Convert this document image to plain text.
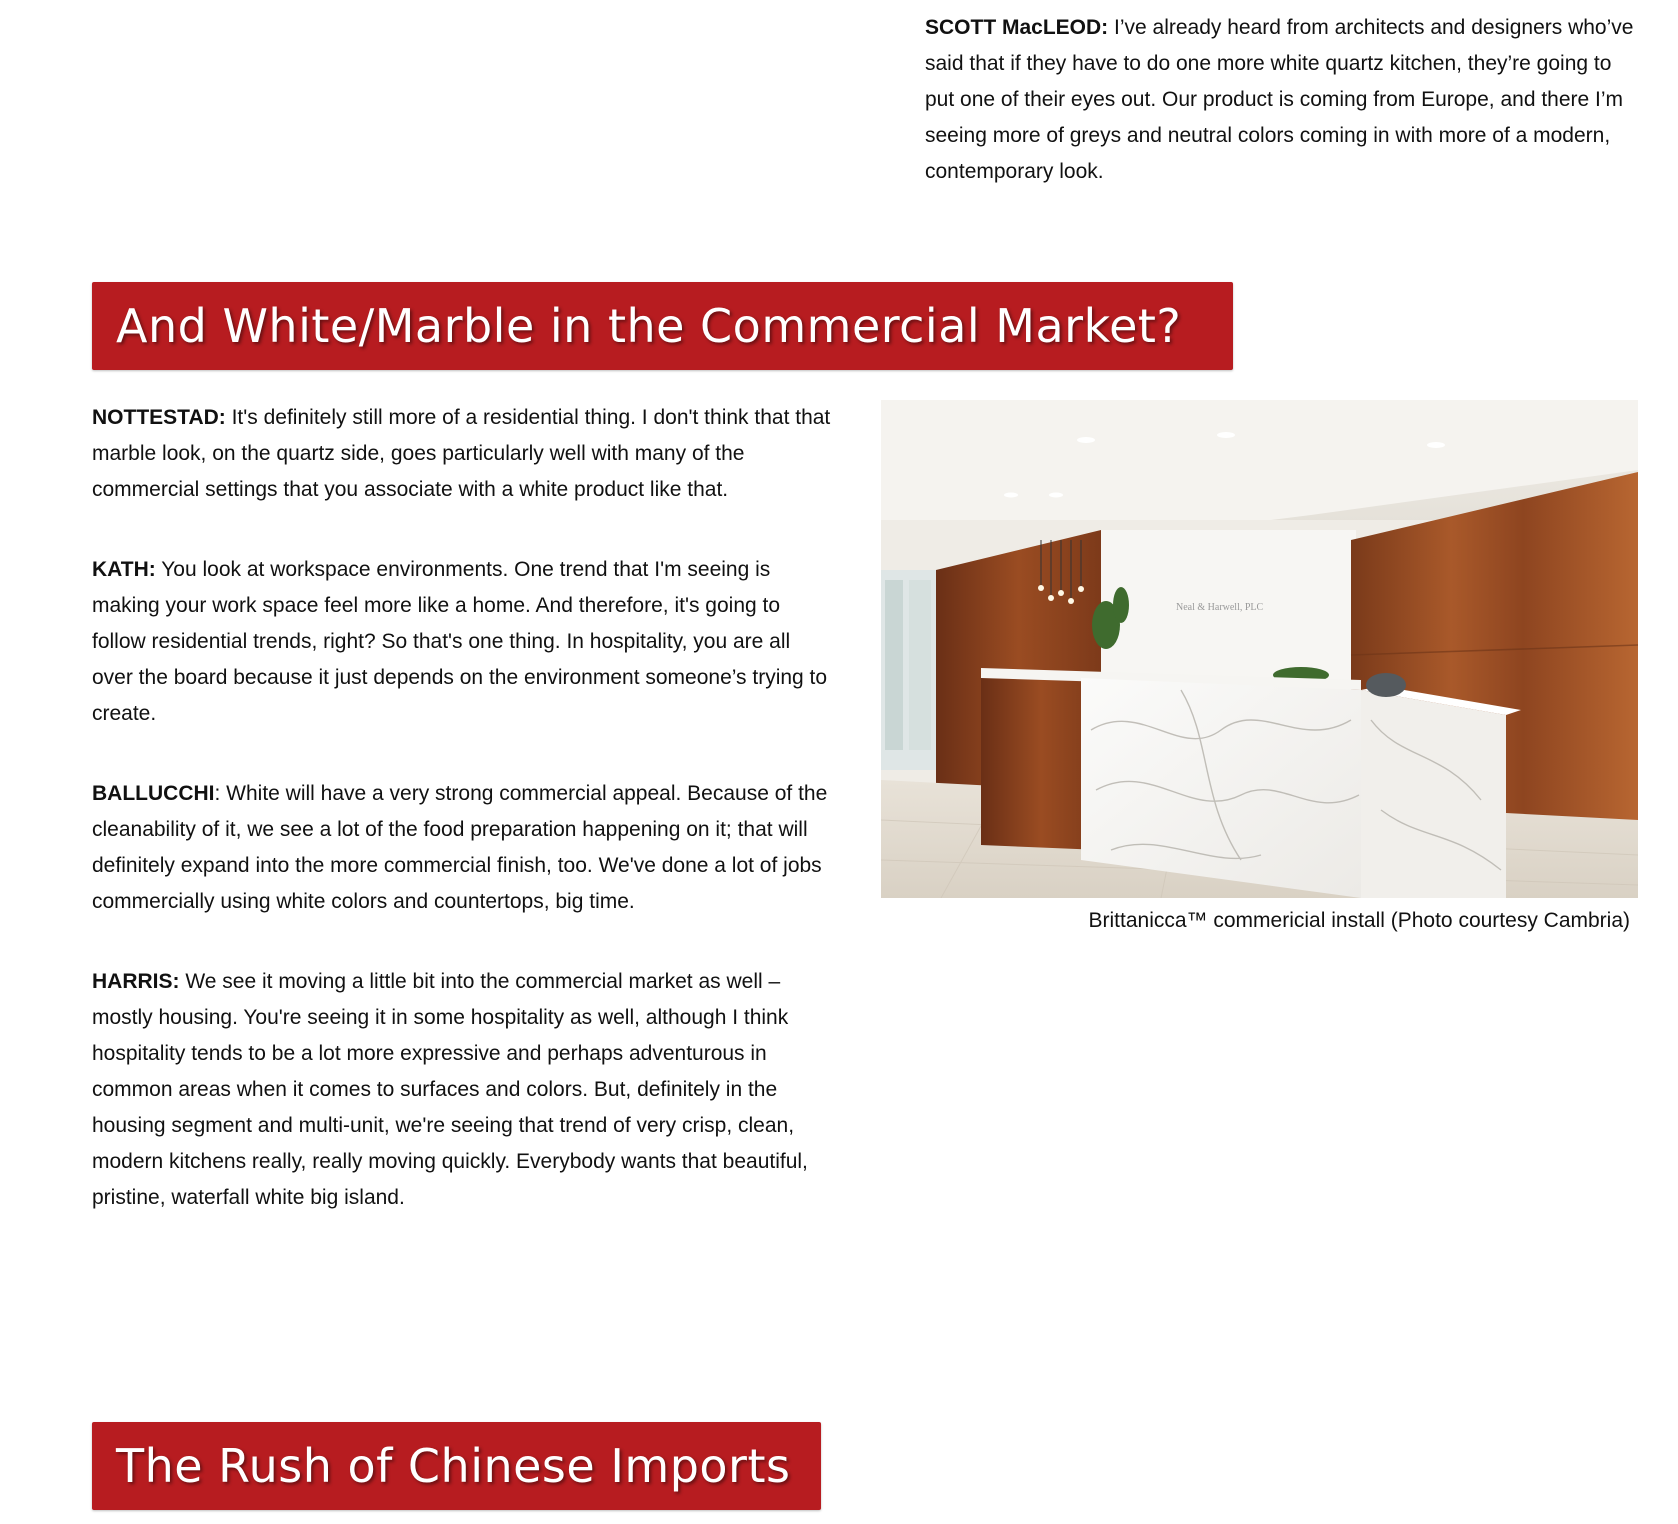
SCOTT MacLEOD: I’ve already heard from architects and designers who’ve said that if they have to do one more white quartz kitchen, they’re going to put one of their eyes out. Our product is coming from Europe, and there I’m seeing more of greys and neutral colors coming in with more of a modern, contemporary look.

And White/Marble in the Commercial Market?

NOTTESTAD: It's definitely still more of a residential thing. I don't think that that marble look, on the quartz side, goes particularly well with many of the commercial settings that you associate with a white product like that.

KATH: You look at workspace environments. One trend that I'm seeing is making your work space feel more like a home. And therefore, it's going to follow residential trends, right? So that's one thing. In hospitality, you are all over the board because it just depends on the environment someone’s trying to create.

BALLUCCHI: White will have a very strong commercial appeal. Because of the cleanability of it, we see a lot of the food preparation happening on it; that will definitely expand into the more commercial finish, too. We've done a lot of jobs commercially using white colors and countertops, big time.

HARRIS: We see it moving a little bit into the commercial market as well – mostly housing. You're seeing it in some hospitality as well, although I think hospitality tends to be a lot more expressive and perhaps adventurous in common areas when it comes to surfaces and colors. But, definitely in the housing segment and multi-unit, we're seeing that trend of very crisp, clean, modern kitchens really, really moving quickly. Everybody wants that beautiful, pristine, waterfall white big island.

Neal & Harwell, PLC
Brittanicca™ commericial install (Photo courtesy Cambria)
The Rush of Chinese Imports
